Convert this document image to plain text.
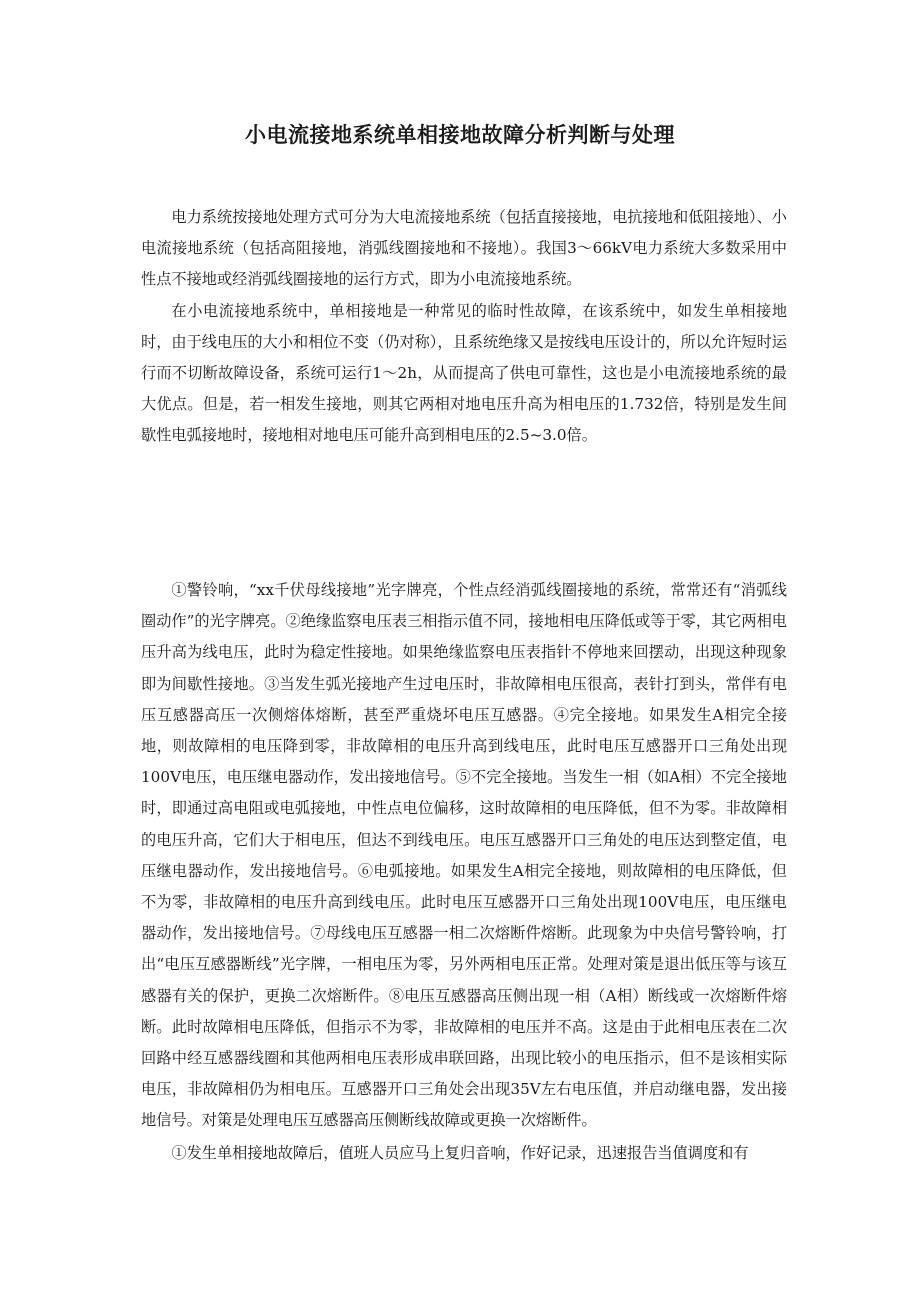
小电流接地系统单相接地故障分析判断与处理

电力系统按接地处理方式可分为大电流接地系统（包括直接接地，电抗接地和低阻接地）、小电流接地系统（包括高阻接地，消弧线圈接地和不接地）。我国3～66kV电力系统大多数采用中性点不接地或经消弧线圈接地的运行方式，即为小电流接地系统。

在小电流接地系统中，单相接地是一种常见的临时性故障，在该系统中，如发生单相接地时，由于线电压的大小和相位不变（仍对称），且系统绝缘又是按线电压设计的，所以允许短时运行而不切断故障设备，系统可运行1～2h，从而提高了供电可靠性，这也是小电流接地系统的最大优点。但是，若一相发生接地，则其它两相对地电压升高为相电压的1.732倍，特别是发生间歇性电弧接地时，接地相对地电压可能升高到相电压的2.5~3.0倍。

①警铃响，“xx千伏母线接地”光字牌亮，个性点经消弧线圈接地的系统，常常还有“消弧线圈动作”的光字牌亮。②绝缘监察电压表三相指示值不同，接地相电压降低或等于零，其它两相电压升高为线电压，此时为稳定性接地。如果绝缘监察电压表指针不停地来回摆动，出现这种现象即为间歇性接地。③当发生弧光接地产生过电压时，非故障相电压很高，表针打到头，常伴有电压互感器高压一次侧熔体熔断，甚至严重烧坏电压互感器。④完全接地。如果发生A相完全接地，则故障相的电压降到零，非故障相的电压升高到线电压，此时电压互感器开口三角处出现100V电压，电压继电器动作，发出接地信号。⑤不完全接地。当发生一相（如A相）不完全接地时，即通过高电阻或电弧接地，中性点电位偏移，这时故障相的电压降低，但不为零。非故障相的电压升高，它们大于相电压，但达不到线电压。电压互感器开口三角处的电压达到整定值，电压继电器动作，发出接地信号。⑥电弧接地。如果发生A相完全接地，则故障相的电压降低，但不为零，非故障相的电压升高到线电压。此时电压互感器开口三角处出现100V电压，电压继电器动作，发出接地信号。⑦母线电压互感器一相二次熔断件熔断。此现象为中央信号警铃响，打出“电压互感器断线”光字牌，一相电压为零，另外两相电压正常。处理对策是退出低压等与该互感器有关的保护，更换二次熔断件。⑧电压互感器高压侧出现一相（A相）断线或一次熔断件熔断。此时故障相电压降低，但指示不为零，非故障相的电压并不高。这是由于此相电压表在二次回路中经互感器线圈和其他两相电压表形成串联回路，出现比较小的电压指示，但不是该相实际电压，非故障相仍为相电压。互感器开口三角处会出现35V左右电压值，并启动继电器，发出接地信号。对策是处理电压互感器高压侧断线故障或更换一次熔断件。

①发生单相接地故障后，值班人员应马上复归音响，作好记录，迅速报告当值调度和有
